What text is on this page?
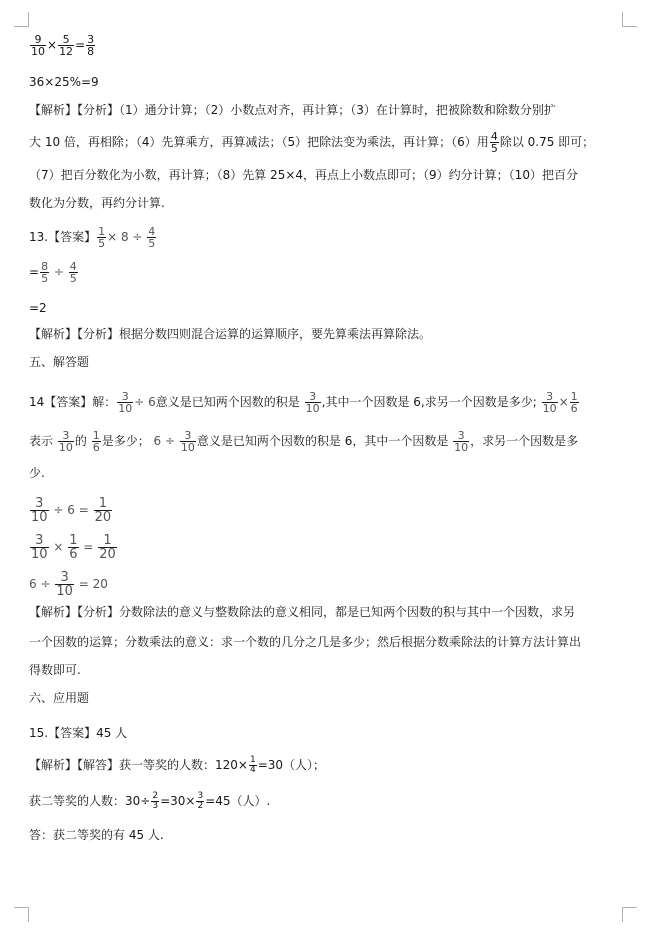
$\frac{9}{10} \times \frac{5}{12} = \frac{3}{8}$
36×25%=9
【解析】【分析】（1）通分计算；（2）小数点对齐，再计算；（3）在计算时，把被除数和除数分别扩
大 10 倍，再相除；（4）先算乘方，再算减法；（5）把除法变为乘法，再计算；（6）用 $\frac{4}{5}$ 除以 0.75 即可；
（7）把百分数化为小数，再计算；（8）先算 25×4，再点上小数点即可；（9）约分计算；（10）把百分
数化为分数，再约分计算.
13.【答案】 $\frac{1}{5} \times 8 \div \frac{4}{5}$
= $\frac{8}{5} \div \frac{4}{5}$
=2
【解析】【分析】根据分数四则混合运算的运算顺序，要先算乘法再算除法。
五、解答题
14【答案】解： $\frac{3}{10} \div 6$意义是已知两个因数的积是 $\frac{3}{10}$ ,其中一个因数是 6,求另一个因数是多少; $\frac{3}{10} \times \frac{1}{6}$
表示 $\frac{3}{10}$ 的 $\frac{1}{6}$ 是多少； $6 \div \frac{3}{10}$ 意义是已知两个因数的积是 6，其中一个因数是 $\frac{3}{10}$ ，求另一个因数是多
少.
$\frac{3}{10} \div 6 = \frac{1}{20}$
$\frac{3}{10} \times \frac{1}{6} = \frac{1}{20}$
$6 \div \frac{3}{10} = 20$
【解析】【分析】分数除法的意义与整数除法的意义相同，都是已知两个因数的积与其中一个因数，求另
一个因数的运算；分数乘法的意义：求一个数的几分之几是多少；然后根据分数乘除法的计算方法计算出
得数即可.
六、应用题
15.【答案】45 人
【解析】【解答】获一等奖的人数：$120\times \frac{1}{4} =30$（人）；
获二等奖的人数：$30\div \frac{2}{3} =30\times \frac{3}{2} =45$（人）.
答：获二等奖的有 45 人.
